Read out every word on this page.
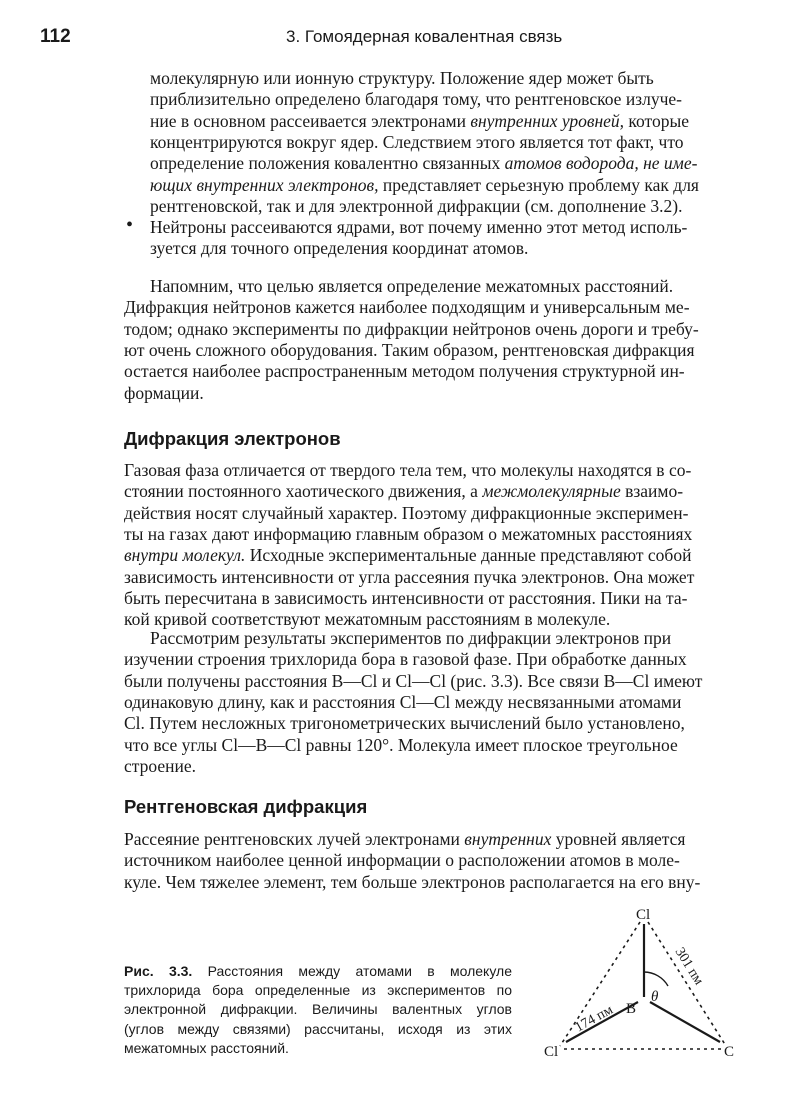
112	3. Гомоядерная ковалентная связь

молекулярную или ионную структуру. Положение ядер может быть

приблизительно определено благодаря тому, что рентгеновское излуче-

ние в основном рассеивается электронами внутренних уровней, которые

концентрируются вокруг ядер. Следствием этого является тот факт, что

определение положения ковалентно связанных атомов водорода, не име-

ющих внутренних электронов, представляет серьезную проблему как для

рентгеновской, так и для электронной дифракции (см. дополнение 3.2).

• Нейтроны рассеиваются ядрами, вот почему именно этот метод исполь-

зуется для точного определения координат атомов.

Напомним, что целью является определение межатомных расстояний.

Дифракция нейтронов кажется наиболее подходящим и универсальным ме-

тодом; однако эксперименты по дифракции нейтронов очень дороги и требу-

ют очень сложного оборудования. Таким образом, рентгеновская дифракция

остается наиболее распространенным методом получения структурной ин-

формации.

Дифракция электронов

Газовая фаза отличается от твердого тела тем, что молекулы находятся в со-

стоянии постоянного хаотического движения, а межмолекулярные взаимо-

действия носят случайный характер. Поэтому дифракционные эксперимен-

ты на газах дают информацию главным образом о межатомных расстояниях

внутри молекул. Исходные экспериментальные данные представляют собой

зависимость интенсивности от угла рассеяния пучка электронов. Она может

быть пересчитана в зависимость интенсивности от расстояния. Пики на та-

кой кривой соответствуют межатомным расстояниям в молекуле.

Рассмотрим результаты экспериментов по дифракции электронов при

изучении строения трихлорида бора в газовой фазе. При обработке данных

были получены расстояния B—Cl и Cl—Cl (рис. 3.3). Все связи B—Cl имеют

одинаковую длину, как и расстояния Cl—Cl между несвязанными атомами

Cl. Путем несложных тригонометрических вычислений было установлено,

что все углы Cl—B—Cl равны 120°. Молекула имеет плоское треугольное

строение.

Рентгеновская дифракция

Рассеяние рентгеновских лучей электронами внутренних уровней является

источником наиболее ценной информации о расположении атомов в моле-

куле. Чем тяжелее элемент, тем больше электронов располагается на его вну-

Рис. 3.3. Расстояния между атомами в молекуле трихлорида бора определенные из экспериментов по электронной дифракции. Величины валентных углов (углов между связями) рассчитаны, исходя из этих межатомных расстояний.

Cl
Cl	C
B
θ
174 пм
301 пм
